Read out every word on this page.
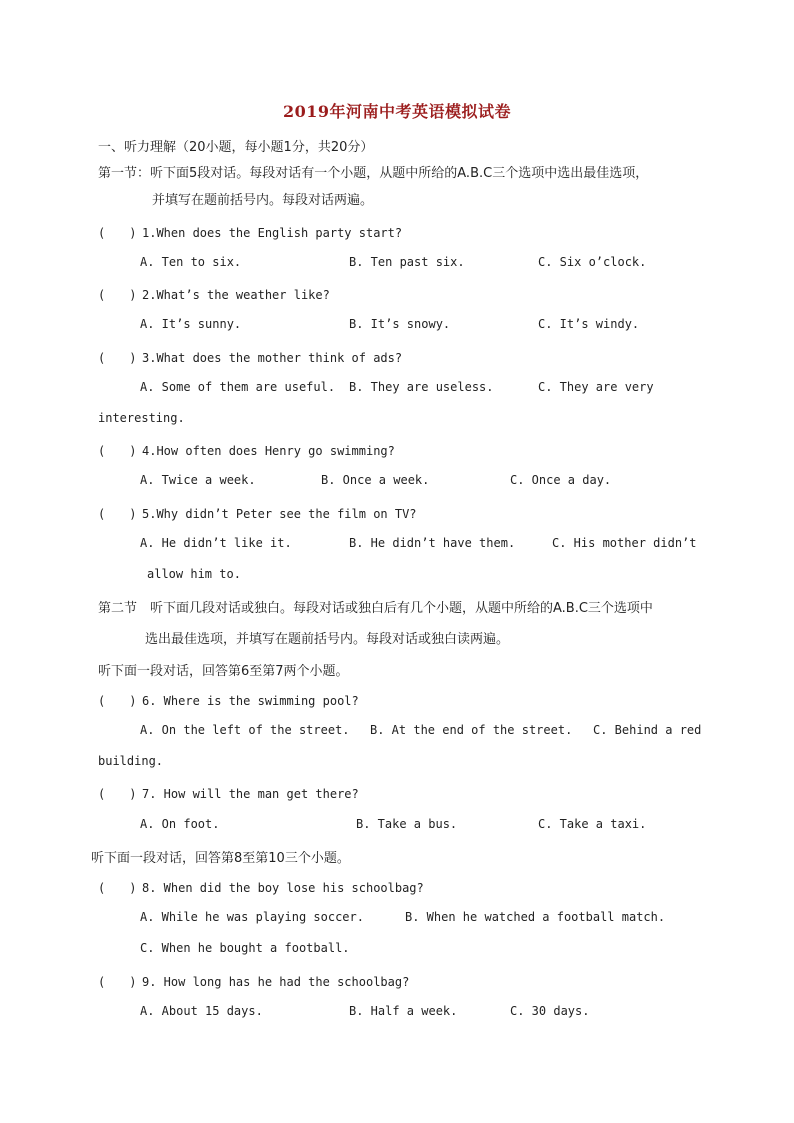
2019年河南中考英语模拟试卷
一、听力理解（20小题，每小题1分，共20分）
第一节：听下面5段对话。每段对话有一个小题，从题中所给的A.B.C三个选项中选出最佳选项，
并填写在题前括号内。每段对话两遍。
(　　) 1.When does the English party start?
A. Ten to six.	B. Ten past six.	C. Six o’clock.
(　　) 2.What’s the weather like?
A. It’s sunny.	B. It’s snowy.	C. It’s windy.
(　　) 3.What does the mother think of ads?
A. Some of them are useful. B. They are useless.	C. They are very
interesting.
(　　) 4.How often does Henry go swimming?
A. Twice a week.	B. Once a week.	C. Once a day.
(　　) 5.Why didn’t Peter see the film on TV?
A. He didn’t like it.	B. He didn’t have them.	C. His mother didn’t
allow him to.
第二节　听下面几段对话或独白。每段对话或独白后有几个小题，从题中所给的A.B.C三个选项中
选出最佳选项，并填写在题前括号内。每段对话或独白读两遍。
听下面一段对话，回答第6至第7两个小题。
(　　) 6. Where is the swimming pool?
A. On the left of the street. B. At the end of the street. C. Behind a red
building.
(　　) 7. How will the man get there?
A. On foot.	B. Take a bus.	C. Take a taxi.
听下面一段对话，回答第8至第10三个小题。
(　　) 8. When did the boy lose his schoolbag?
A. While he was playing soccer.	B. When he watched a football match.
C. When he bought a football.
(　　) 9. How long has he had the schoolbag?
A. About 15 days.	B. Half a week.	C. 30 days.
